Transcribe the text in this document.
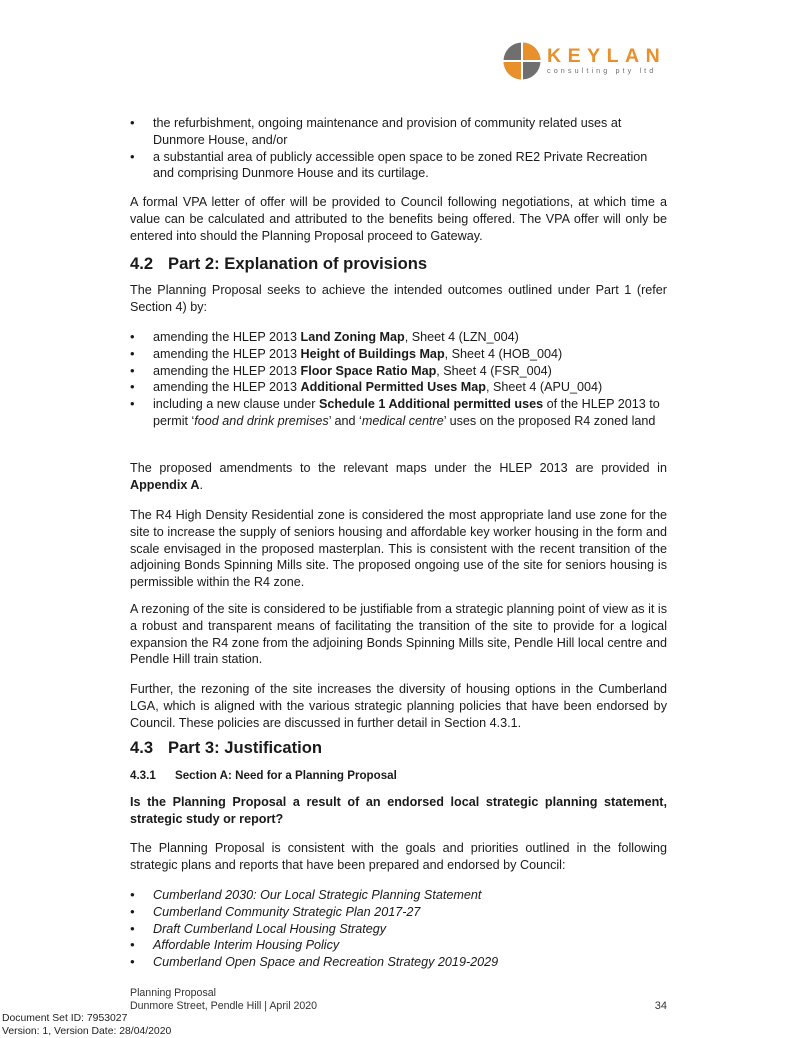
KEYLAN
consulting pty ltd
• the refurbishment, ongoing maintenance and provision of community related uses at Dunmore House, and/or
• a substantial area of publicly accessible open space to be zoned RE2 Private Recreation and comprising Dunmore House and its curtilage.

A formal VPA letter of offer will be provided to Council following negotiations, at which time a value can be calculated and attributed to the benefits being offered. The VPA offer will only be entered into should the Planning Proposal proceed to Gateway.

4.2 Part 2: Explanation of provisions

The Planning Proposal seeks to achieve the intended outcomes outlined under Part 1 (refer Section 4) by:

• amending the HLEP 2013 Land Zoning Map, Sheet 4 (LZN_004)
• amending the HLEP 2013 Height of Buildings Map, Sheet 4 (HOB_004)
• amending the HLEP 2013 Floor Space Ratio Map, Sheet 4 (FSR_004)
• amending the HLEP 2013 Additional Permitted Uses Map, Sheet 4 (APU_004)
• including a new clause under Schedule 1 Additional permitted uses of the HLEP 2013 to permit ‘food and drink premises’ and ‘medical centre’ uses on the proposed R4 zoned land

The proposed amendments to the relevant maps under the HLEP 2013 are provided in Appendix A.

The R4 High Density Residential zone is considered the most appropriate land use zone for the site to increase the supply of seniors housing and affordable key worker housing in the form and scale envisaged in the proposed masterplan. This is consistent with the recent transition of the adjoining Bonds Spinning Mills site. The proposed ongoing use of the site for seniors housing is permissible within the R4 zone.

A rezoning of the site is considered to be justifiable from a strategic planning point of view as it is a robust and transparent means of facilitating the transition of the site to provide for a logical expansion the R4 zone from the adjoining Bonds Spinning Mills site, Pendle Hill local centre and Pendle Hill train station.

Further, the rezoning of the site increases the diversity of housing options in the Cumberland LGA, which is aligned with the various strategic planning policies that have been endorsed by Council. These policies are discussed in further detail in Section 4.3.1.

4.3 Part 3: Justification
4.3.1 Section A: Need for a Planning Proposal

Is the Planning Proposal a result of an endorsed local strategic planning statement, strategic study or report?

The Planning Proposal is consistent with the goals and priorities outlined in the following strategic plans and reports that have been prepared and endorsed by Council:

• Cumberland 2030: Our Local Strategic Planning Statement
• Cumberland Community Strategic Plan 2017-27
• Draft Cumberland Local Housing Strategy
• Affordable Interim Housing Policy
• Cumberland Open Space and Recreation Strategy 2019-2029
Planning Proposal
Dunmore Street, Pendle Hill | April 2020	34
Document Set ID: 7953027
Version: 1, Version Date: 28/04/2020
